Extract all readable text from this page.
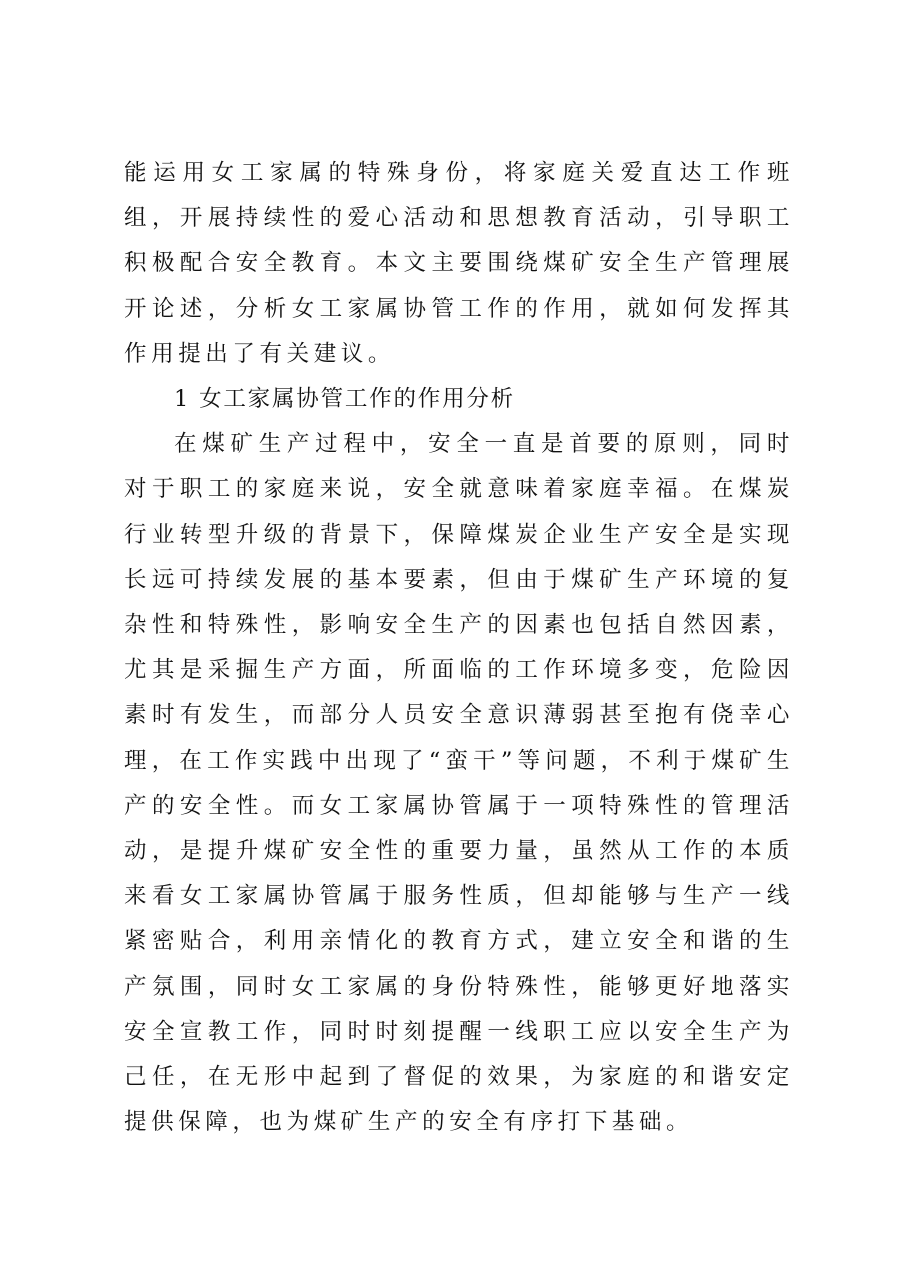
能运用女工家属的特殊身份，将家庭关爱直达工作班组，开展持续性的爱心活动和思想教育活动，引导职工积极配合安全教育。本文主要围绕煤矿安全生产管理展开论述，分析女工家属协管工作的作用，就如何发挥其作用提出了有关建议。

1 女工家属协管工作的作用分析

在煤矿生产过程中，安全一直是首要的原则，同时对于职工的家庭来说，安全就意味着家庭幸福。在煤炭行业转型升级的背景下，保障煤炭企业生产安全是实现长远可持续发展的基本要素，但由于煤矿生产环境的复杂性和特殊性，影响安全生产的因素也包括自然因素，尤其是采掘生产方面，所面临的工作环境多变，危险因素时有发生，而部分人员安全意识薄弱甚至抱有侥幸心理，在工作实践中出现了“蛮干”等问题，不利于煤矿生产的安全性。而女工家属协管属于一项特殊性的管理活动，是提升煤矿安全性的重要力量，虽然从工作的本质来看女工家属协管属于服务性质，但却能够与生产一线紧密贴合，利用亲情化的教育方式，建立安全和谐的生产氛围，同时女工家属的身份特殊性，能够更好地落实安全宣教工作，同时时刻提醒一线职工应以安全生产为己任，在无形中起到了督促的效果，为家庭的和谐安定提供保障，也为煤矿生产的安全有序打下基础。
